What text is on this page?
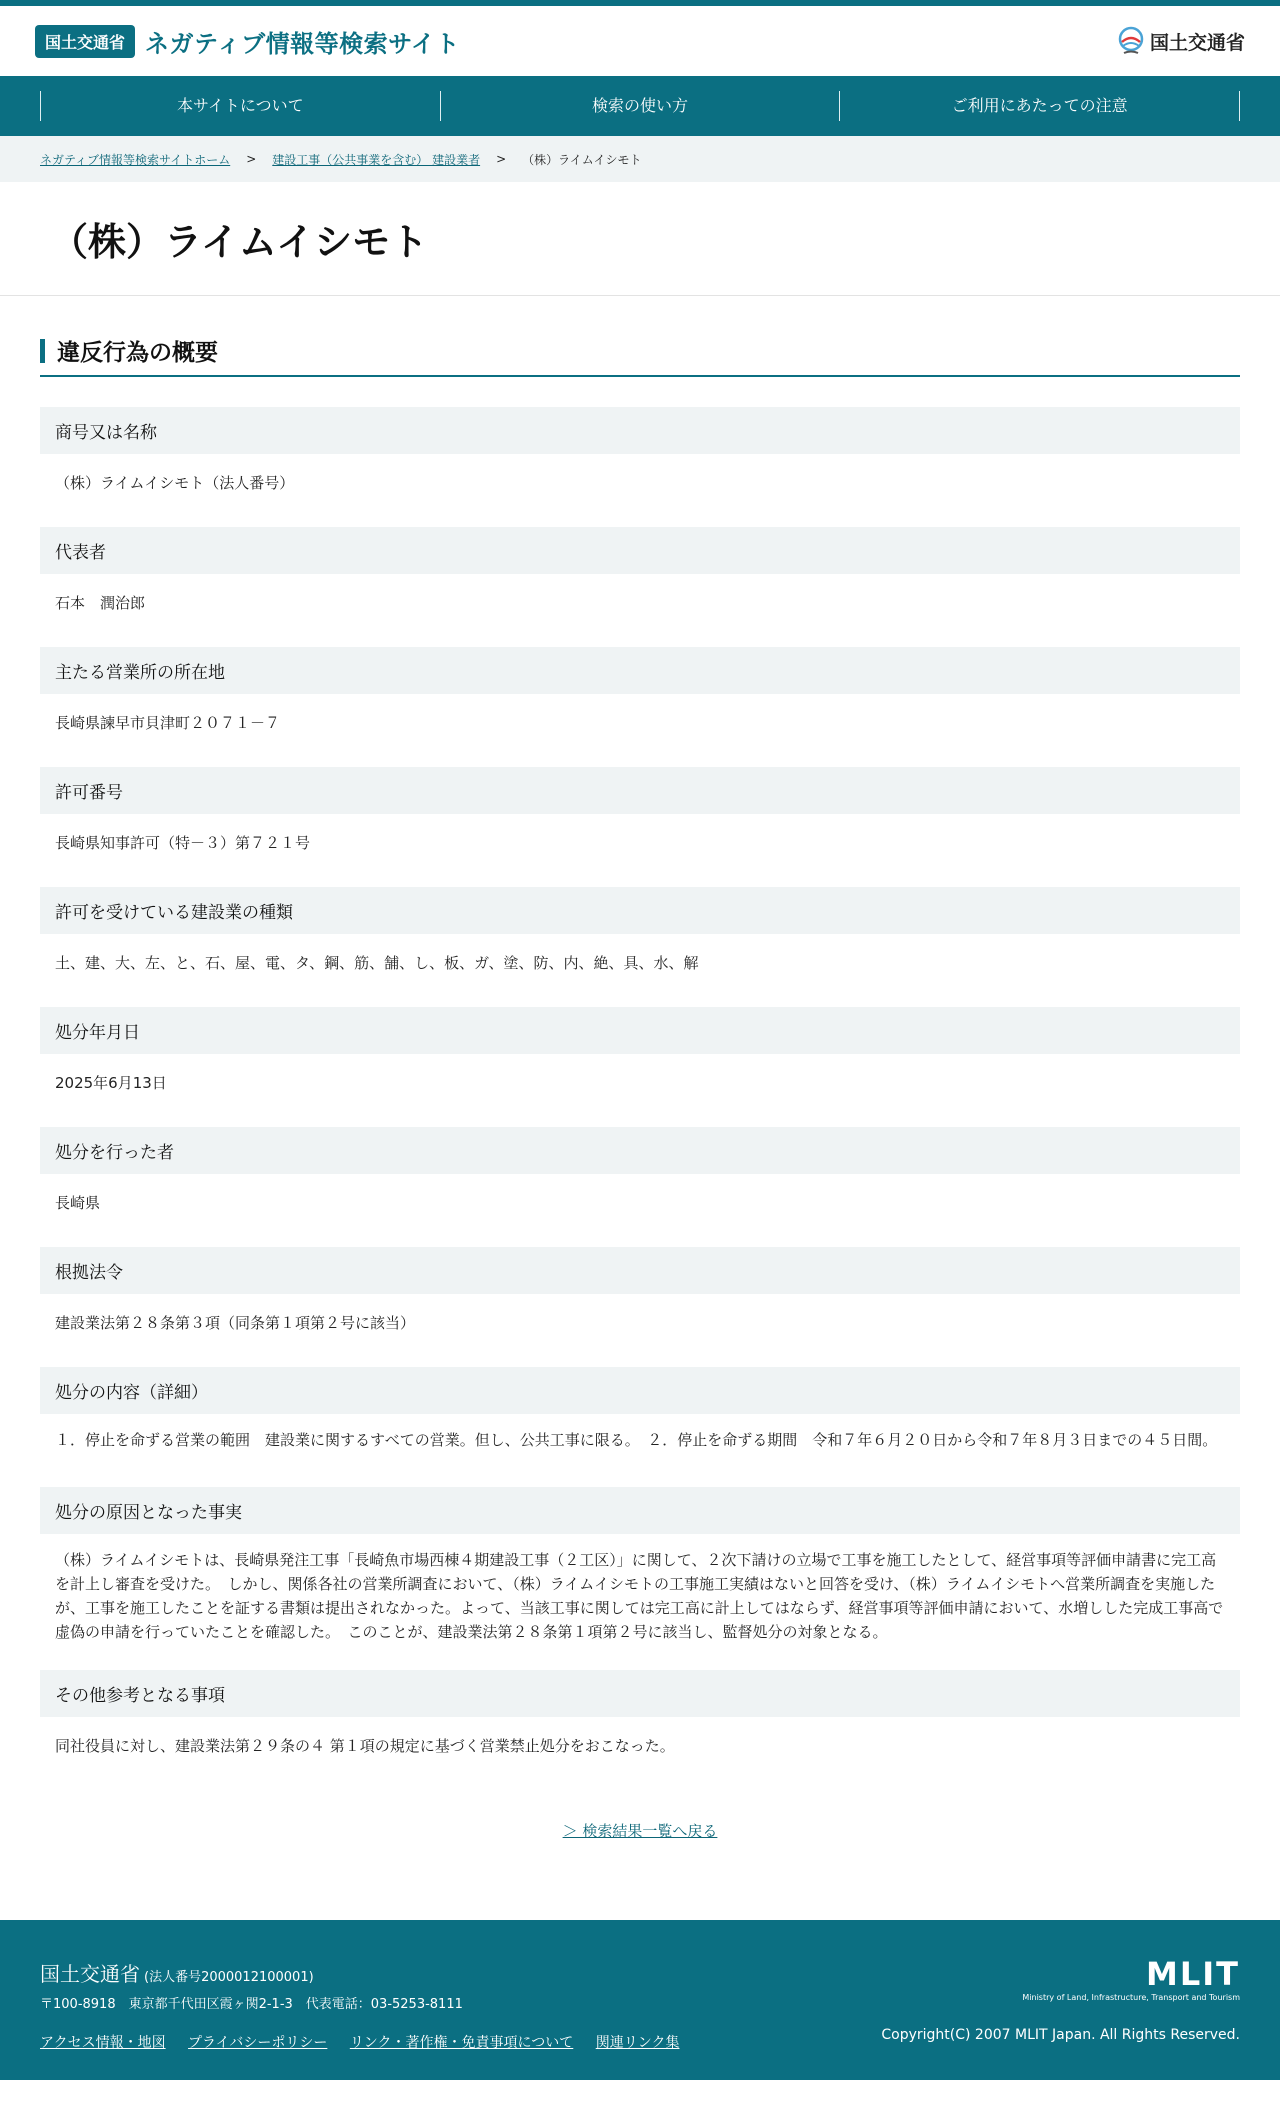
国土交通省 ネガティブ情報等検索サイト	国土交通省
本サイトについて	検索の使い方	ご利用にあたっての注意
ネガティブ情報等検索サイトホーム > 建設工事（公共事業を含む） 建設業者 > （株）ライムイシモト
（株）ライムイシモト
違反行為の概要
商号又は名称
（株）ライムイシモト（法人番号）
代表者
石本　潤治郎
主たる営業所の所在地
長崎県諫早市貝津町２０７１－７
許可番号
長崎県知事許可（特－３）第７２１号
許可を受けている建設業の種類
土、建、大、左、と、石、屋、電、タ、鋼、筋、舗、し、板、ガ、塗、防、内、絶、具、水、解
処分年月日
2025年6月13日
処分を行った者
長崎県
根拠法令
建設業法第２８条第３項（同条第１項第２号に該当）
処分の内容（詳細）
１．停止を命ずる営業の範囲　建設業に関するすべての営業。但し、公共工事に限る。　２．停止を命ずる期間　令和７年６月２０日から令和７年８月３日までの４５日間。
処分の原因となった事実
（株）ライムイシモトは、長崎県発注工事「長崎魚市場西棟４期建設工事（２工区）」に関して、２次下請けの立場で工事を施工したとして、経営事項等評価申請書に完工高を計上し審査を受けた。　しかし、関係各社の営業所調査において、（株）ライムイシモトの工事施工実績はないと回答を受け、（株）ライムイシモトへ営業所調査を実施したが、工事を施工したことを証する書類は提出されなかった。よって、当該工事に関しては完工高に計上してはならず、経営事項等評価申請において、水増しした完成工事高で虚偽の申請を行っていたことを確認した。　このことが、建設業法第２８条第１項第２号に該当し、監督処分の対象となる。
その他参考となる事項
同社役員に対し、建設業法第２９条の４ 第１項の規定に基づく営業禁止処分をおこなった。
＞ 検索結果一覧へ戻る
国土交通省 (法人番号2000012100001)
〒100-8918　東京都千代田区霞ヶ関2-1-3　代表電話：03-5253-8111
アクセス情報・地図 プライバシーポリシー リンク・著作権・免責事項について 関連リンク集
MLIT
Ministry of Land, Infrastructure, Transport and Tourism
Copyright(C) 2007 MLIT Japan. All Rights Reserved.
